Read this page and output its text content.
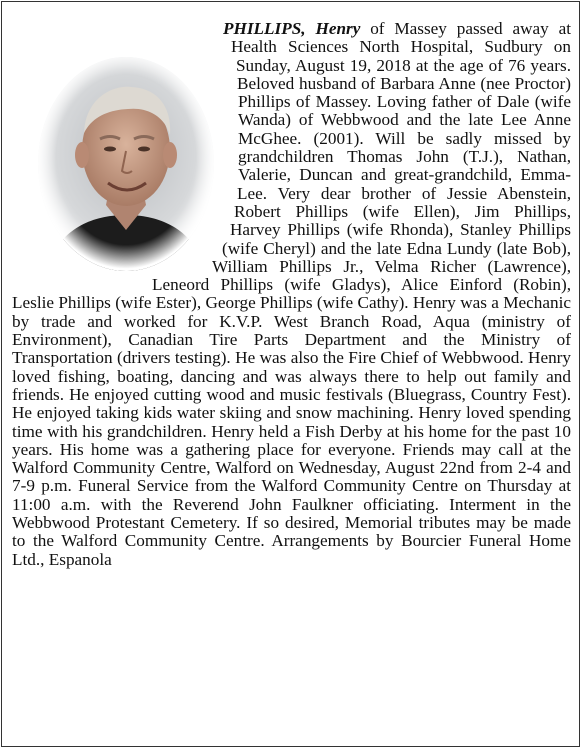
PHILLIPS, Henry of Massey passed away at Health Sciences North Hospital, Sudbury on Sunday, August 19, 2018 at the age of 76 years. Beloved husband of Barbara Anne (nee Proctor) Phillips of Massey. Loving father of Dale (wife Wanda) of Webbwood and the late Lee Anne McGhee. (2001). Will be sadly missed by grandchildren Thomas John (T.J.), Nathan, Valerie, Duncan and great-grandchild, Emma-Lee. Very dear brother of Jessie Abenstein, Robert Phillips (wife Ellen), Jim Phillips, Harvey Phillips (wife Rhonda), Stanley Phillips (wife Cheryl) and the late Edna Lundy (late Bob), William Phillips Jr., Velma Richer (Lawrence), Leneord Phillips (wife Gladys), Alice Einford (Robin), Leslie Phillips (wife Ester), George Phillips (wife Cathy). Henry was a Mechanic by trade and worked for K.V.P. West Branch Road, Aqua (ministry of Environment), Canadian Tire Parts Department and the Ministry of Transportation (drivers testing). He was also the Fire Chief of Webbwood. Henry loved fishing, boating, dancing and was always there to help out family and friends. He enjoyed cutting wood and music festivals (Bluegrass, Country Fest). He enjoyed taking kids water skiing and snow machining. Henry loved spending time with his grandchildren. Henry held a Fish Derby at his home for the past 10 years. His home was a gathering place for everyone. Friends may call at the Walford Community Centre, Walford on Wednesday, August 22nd from 2-4 and 7-9 p.m. Funeral Service from the Walford Community Centre on Thursday at 11:00 a.m. with the Reverend John Faulkner officiating. Interment in the Webbwood Protestant Cemetery. If so desired, Memorial tributes may be made to the Walford Community Centre. Arrangements by Bourcier Funeral Home Ltd., Espanola
